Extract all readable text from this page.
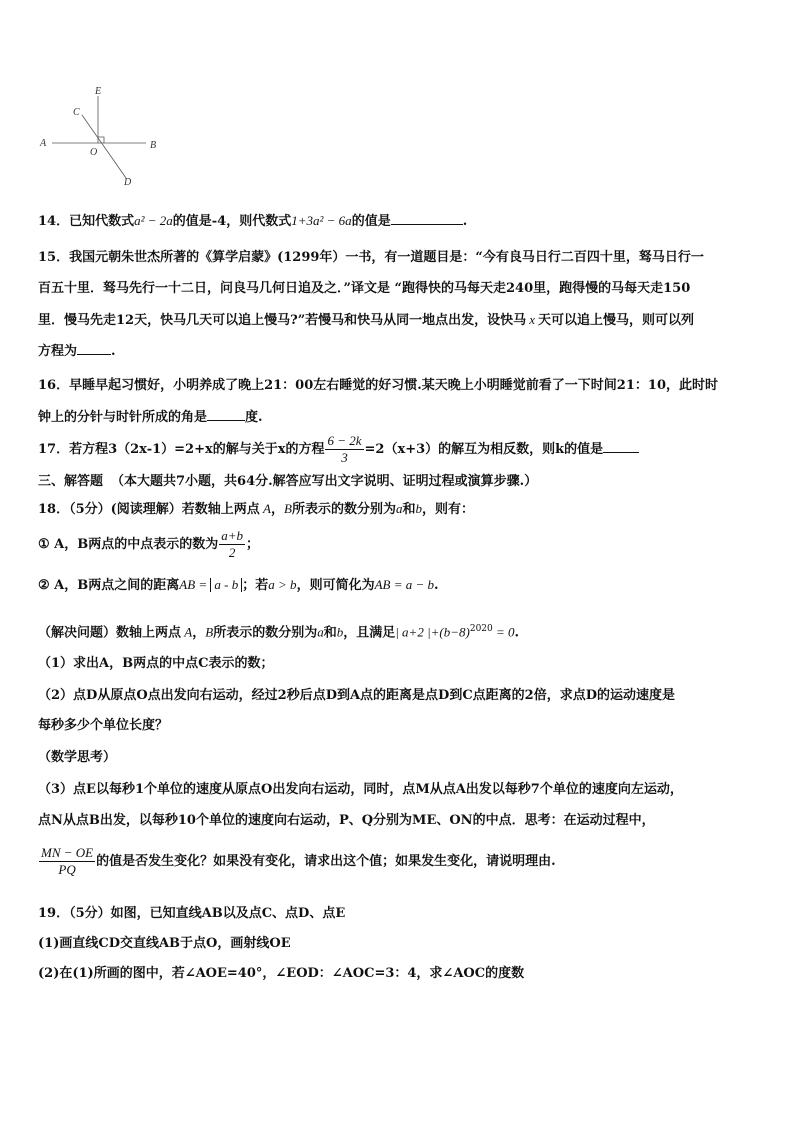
A	B
C
E
O
D
14．已知代数式a² − 2a的值是-4，则代数式1+3a² − 6a的值是	.
15．我国元朝朱世杰所著的《算学启蒙》(1299年）一书，有一道题目是：“今有良马日行二百四十里，驽马日行一
百五十里．驽马先行一十二日，问良马几何日追及之．”译文是 “跑得快的马每天走240里，跑得慢的马每天走150
里．慢马先走12天，快马几天可以追上慢马?”若慢马和快马从同一地点出发，设快马 x 天可以追上慢马，则可以列
方程为	.
16．早睡早起习惯好，小明养成了晚上21：00左右睡觉的好习惯.某天晚上小明睡觉前看了一下时间21：10，此时时
钟上的分针与时针所成的角是	度.
17．若方程3（2x-1）=2+x的解与关于x的方程 $\frac{6 - 2k}{3} =2(x+3)$的解互为相反数，则k的值是
三、解答题 （本大题共7小题，共64分.解答应写出文字说明、证明过程或演算步骤.）
18．（5分）(阅读理解）若数轴上两点 A，B所表示的数分别为a和b，则有：
① A，B两点的中点表示的数为 $\frac{a+b}{2}$ ；
② A，B两点之间的距离AB = a - b ；若a > b，则可简化为AB = a − b.
（解决问题）数轴上两点 A，B所表示的数分别为a和b，且满足| a+2 $|+(b-8)^{2020} = 0$.
（1）求出A，B两点的中点C表示的数；
（2）点D从原点O点出发向右运动，经过2秒后点D到A点的距离是点D到C点距离的2倍，求点D的运动速度是
每秒多少个单位长度？
（数学思考）
（3）点E以每秒1个单位的速度从原点O出发向右运动，同时，点M从点A出发以每秒7个单位的速度向左运动，
点N从点B出发，以每秒10个单位的速度向右运动，P、Q分别为ME、ON的中点．思考：在运动过程中，
$\frac{MN - OE}{PQ}$ 的值是否发生变化？如果没有变化，请求出这个值；如果发生变化，请说明理由.
19．（5分）如图，已知直线AB以及点C、点D、点E
(1)画直线CD交直线AB于点O，画射线OE
(2)在(1)所画的图中，若∠AOE=40°，∠EOD：∠AOC=3：4，求∠AOC的度数
